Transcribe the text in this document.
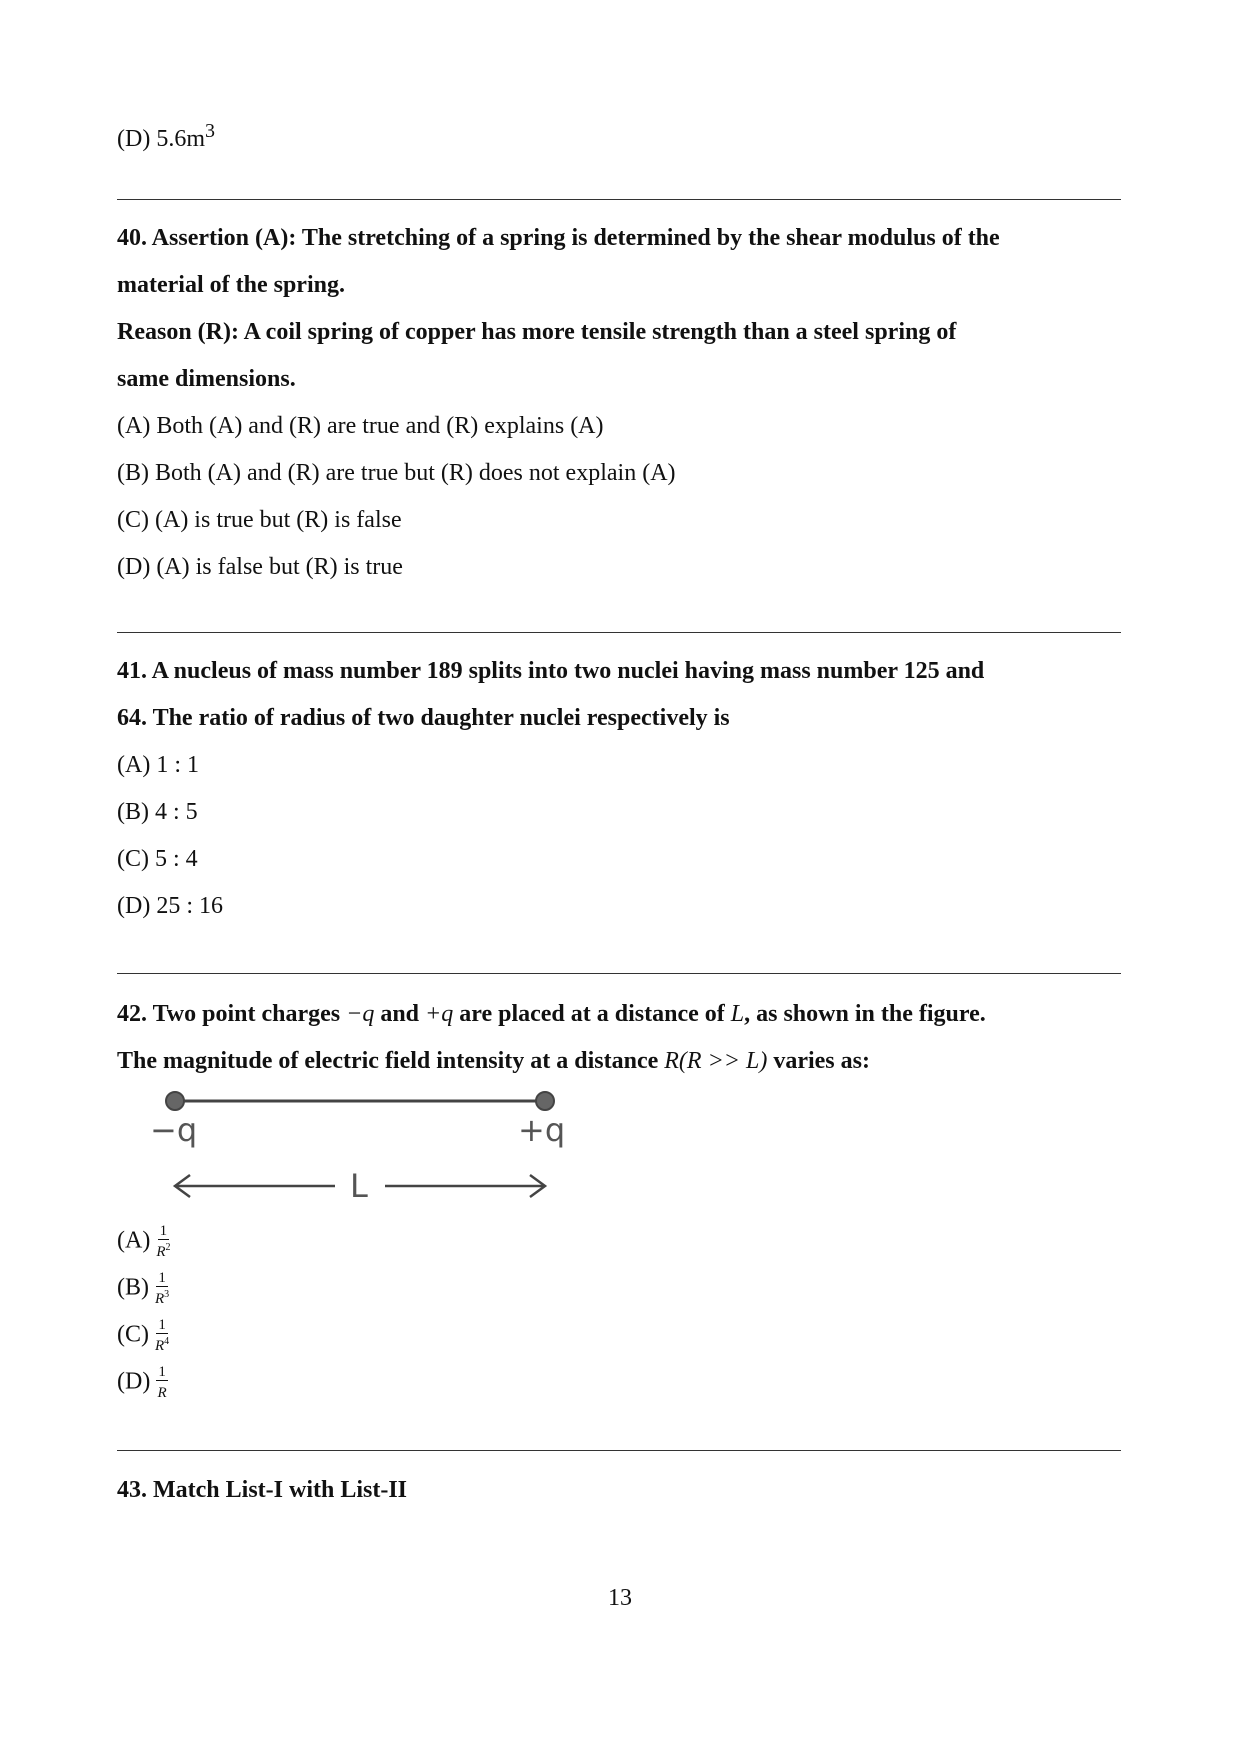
(D) $5.6m^3$
40. Assertion (A): The stretching of a spring is determined by the shear modulus of the
material of the spring.
Reason (R): A coil spring of copper has more tensile strength than a steel spring of
same dimensions.
(A) Both (A) and (R) are true and (R) explains (A)
(B) Both (A) and (R) are true but (R) does not explain (A)
(C) (A) is true but (R) is false
(D) (A) is false but (R) is true
41. A nucleus of mass number 189 splits into two nuclei having mass number 125 and
64. The ratio of radius of two daughter nuclei respectively is
(A) 1 : 1
(B) 4 : 5
(C) 5 : 4
(D) 25 : 16
42. Two point charges −q and +q are placed at a distance of L, as shown in the figure.
The magnitude of electric field intensity at a distance R(R >> L) varies as:
−q	+q
L
$(A) \frac{1}{R^2}$
$(B) \frac{1}{R^3}$
$(C) \frac{1}{R^4}$
$(D) \frac{1}{R}$
43. Match List-I with List-II
13
